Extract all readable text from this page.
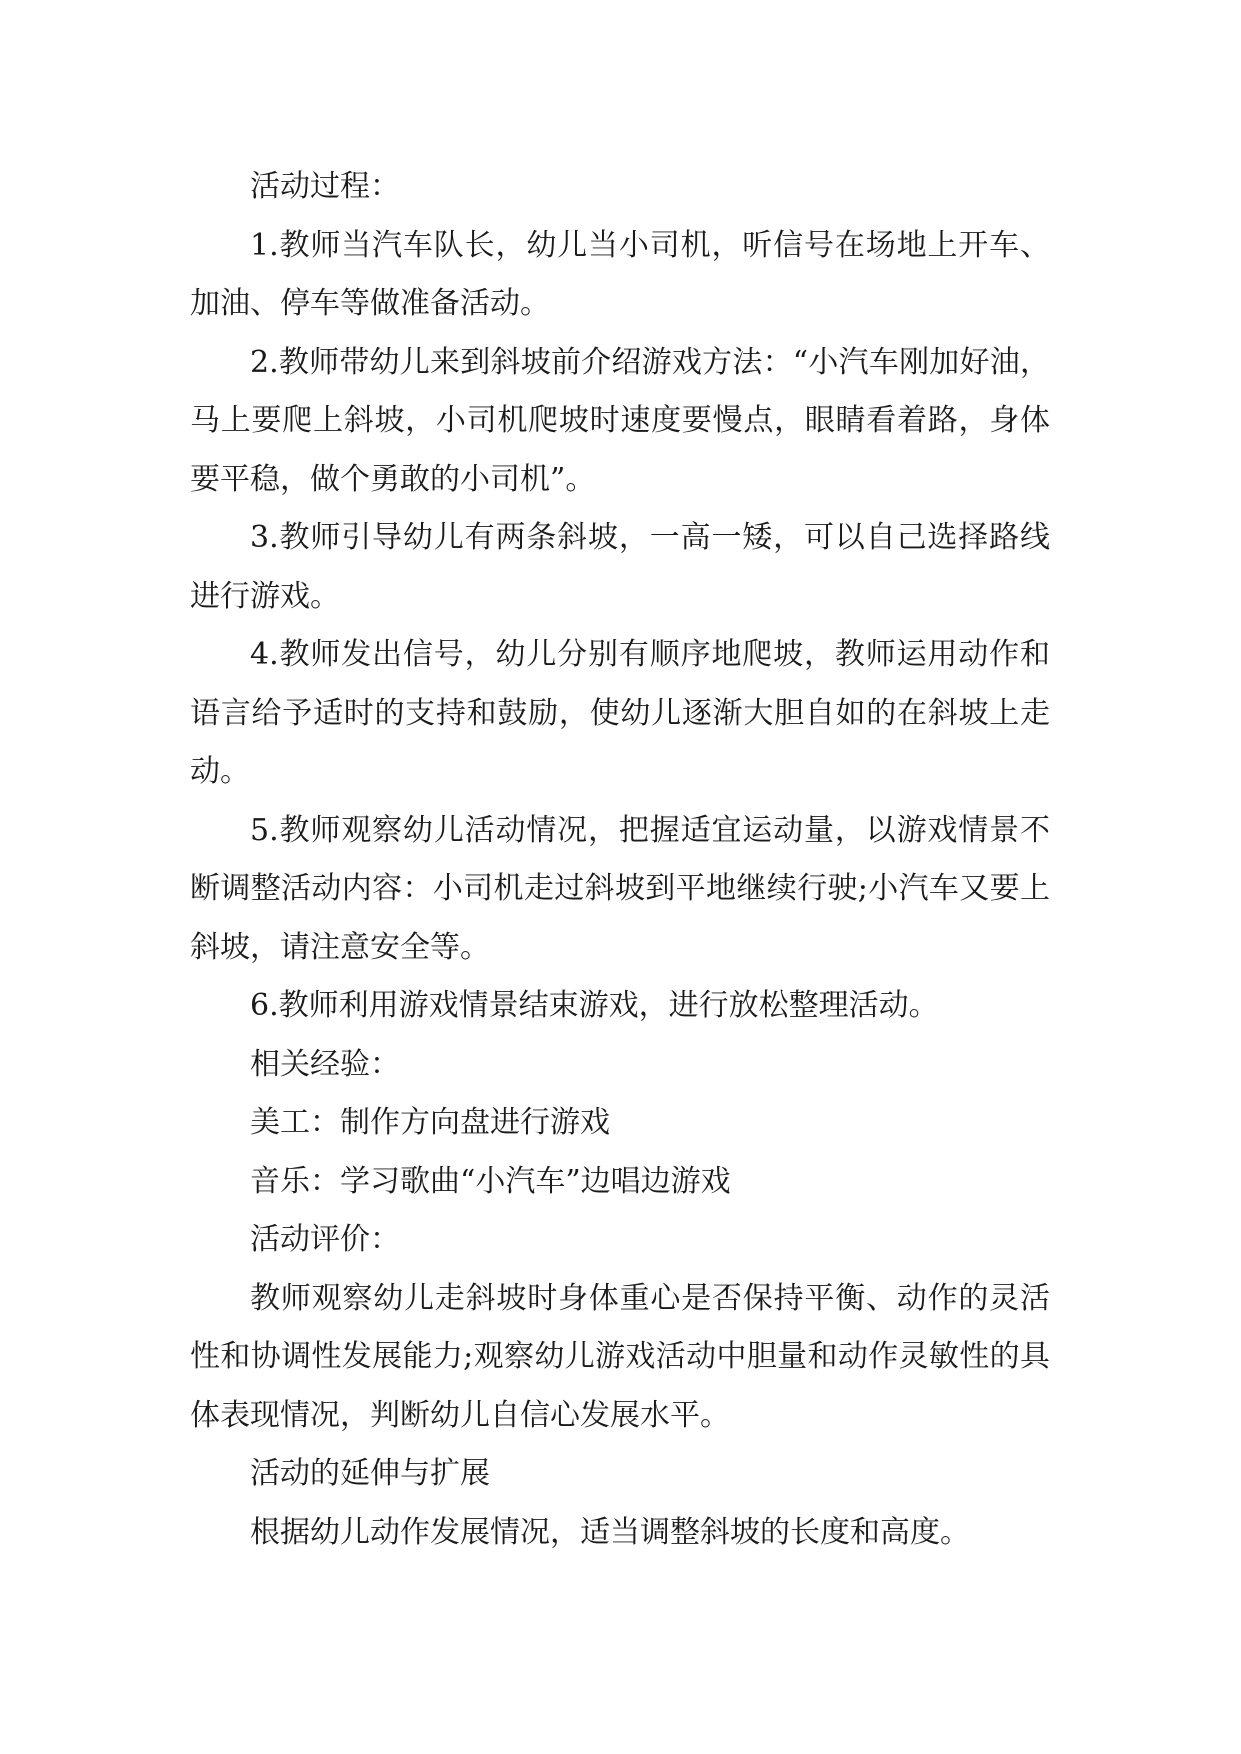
活动过程：

1.教师当汽车队长，幼儿当小司机，听信号在场地上开车、加油、停车等做准备活动。

2.教师带幼儿来到斜坡前介绍游戏方法：“小汽车刚加好油，马上要爬上斜坡，小司机爬坡时速度要慢点，眼睛看着路，身体要平稳，做个勇敢的小司机”。

3.教师引导幼儿有两条斜坡，一高一矮，可以自己选择路线进行游戏。

4.教师发出信号，幼儿分别有顺序地爬坡，教师运用动作和语言给予适时的支持和鼓励，使幼儿逐渐大胆自如的在斜坡上走动。

5.教师观察幼儿活动情况，把握适宜运动量，以游戏情景不断调整活动内容：小司机走过斜坡到平地继续行驶;小汽车又要上斜坡，请注意安全等。

6.教师利用游戏情景结束游戏，进行放松整理活动。

相关经验：

美工：制作方向盘进行游戏

音乐：学习歌曲“小汽车”边唱边游戏

活动评价：

教师观察幼儿走斜坡时身体重心是否保持平衡、动作的灵活性和协调性发展能力;观察幼儿游戏活动中胆量和动作灵敏性的具体表现情况，判断幼儿自信心发展水平。

活动的延伸与扩展

根据幼儿动作发展情况，适当调整斜坡的长度和高度。
